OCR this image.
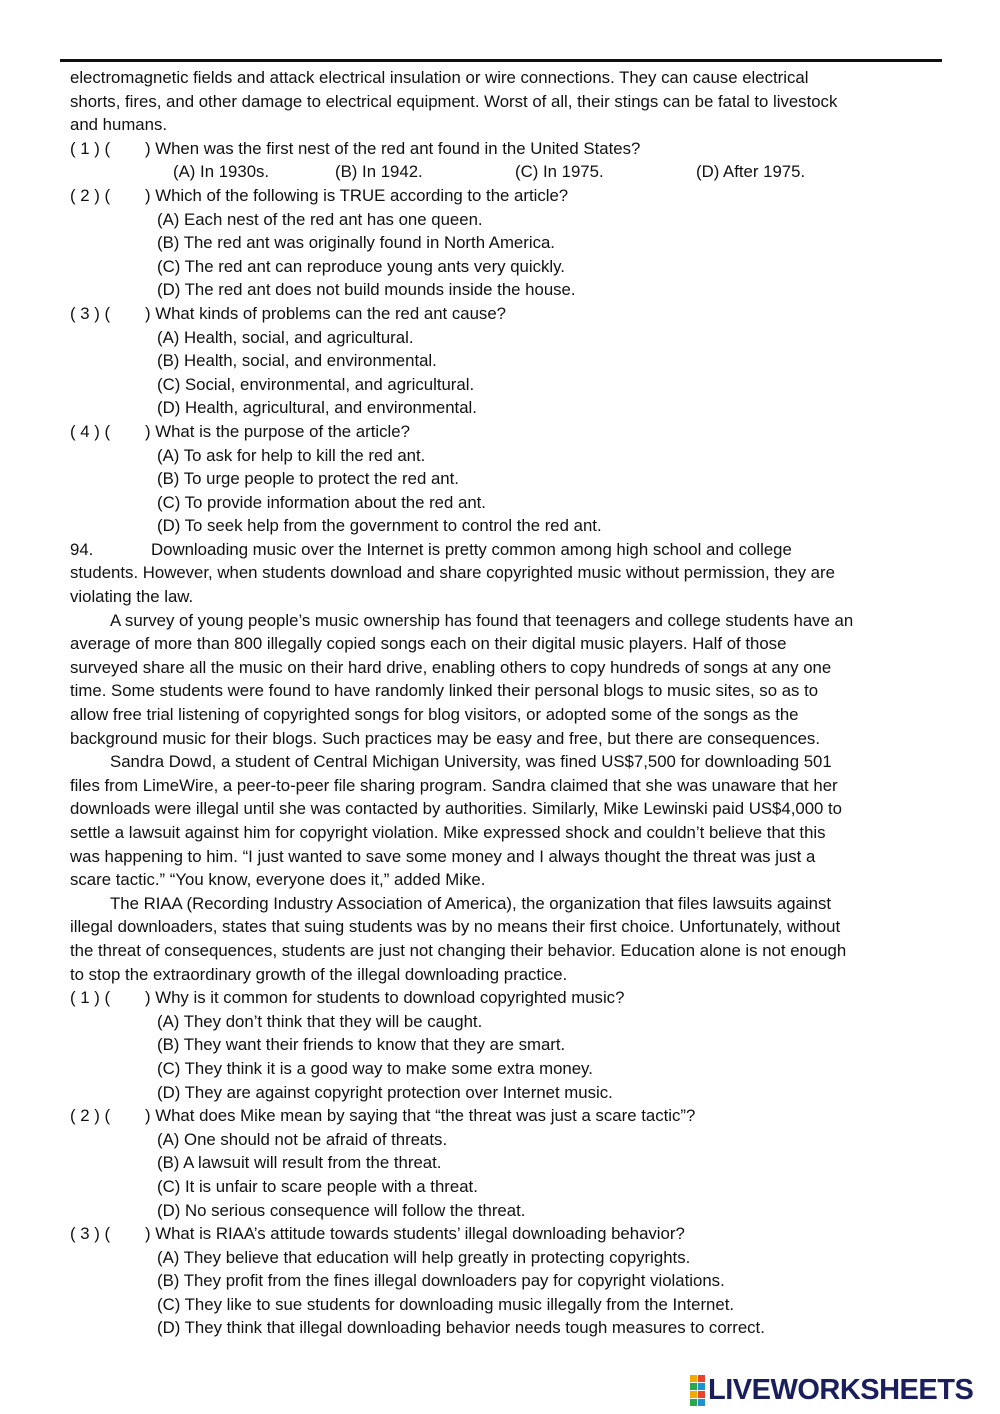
electromagnetic fields and attack electrical insulation or wire connections. They can cause electrical

shorts, fires, and other damage to electrical equipment. Worst of all, their stings can be fatal to livestock

and humans.

( 1 ) ( ) When was the first nest of the red ant found in the United States?

(A) In 1930s.	(B) In 1942.	(C) In 1975.	(D) After 1975.

( 2 ) ( ) Which of the following is TRUE according to the article?

(A) Each nest of the red ant has one queen.

(B) The red ant was originally found in North America.

(C) The red ant can reproduce young ants very quickly.

(D) The red ant does not build mounds inside the house.

( 3 ) ( ) What kinds of problems can the red ant cause?

(A) Health, social, and agricultural.

(B) Health, social, and environmental.

(C) Social, environmental, and agricultural.

(D) Health, agricultural, and environmental.

( 4 ) ( ) What is the purpose of the article?

(A) To ask for help to kill the red ant.

(B) To urge people to protect the red ant.

(C) To provide information about the red ant.

(D) To seek help from the government to control the red ant.

94.	Downloading music over the Internet is pretty common among high school and college

students. However, when students download and share copyrighted music without permission, they are

violating the law.

A survey of young people’s music ownership has found that teenagers and college students have an

average of more than 800 illegally copied songs each on their digital music players. Half of those

surveyed share all the music on their hard drive, enabling others to copy hundreds of songs at any one

time. Some students were found to have randomly linked their personal blogs to music sites, so as to

allow free trial listening of copyrighted songs for blog visitors, or adopted some of the songs as the

background music for their blogs. Such practices may be easy and free, but there are consequences.

Sandra Dowd, a student of Central Michigan University, was fined US$7,500 for downloading 501

files from LimeWire, a peer-to-peer file sharing program. Sandra claimed that she was unaware that her

downloads were illegal until she was contacted by authorities. Similarly, Mike Lewinski paid US$4,000 to

settle a lawsuit against him for copyright violation. Mike expressed shock and couldn’t believe that this

was happening to him. “I just wanted to save some money and I always thought the threat was just a

scare tactic.” “You know, everyone does it,” added Mike.

The RIAA (Recording Industry Association of America), the organization that files lawsuits against

illegal downloaders, states that suing students was by no means their first choice. Unfortunately, without

the threat of consequences, students are just not changing their behavior. Education alone is not enough

to stop the extraordinary growth of the illegal downloading practice.

( 1 ) ( ) Why is it common for students to download copyrighted music?

(A) They don’t think that they will be caught.

(B) They want their friends to know that they are smart.

(C) They think it is a good way to make some extra money.

(D) They are against copyright protection over Internet music.

( 2 ) ( ) What does Mike mean by saying that “the threat was just a scare tactic”?

(A) One should not be afraid of threats.

(B) A lawsuit will result from the threat.

(C) It is unfair to scare people with a threat.

(D) No serious consequence will follow the threat.

( 3 ) ( ) What is RIAA’s attitude towards students’ illegal downloading behavior?

(A) They believe that education will help greatly in protecting copyrights.

(B) They profit from the fines illegal downloaders pay for copyright violations.

(C) They like to sue students for downloading music illegally from the Internet.

(D) They think that illegal downloading behavior needs tough measures to correct.

LIVEWORKSHEETS
